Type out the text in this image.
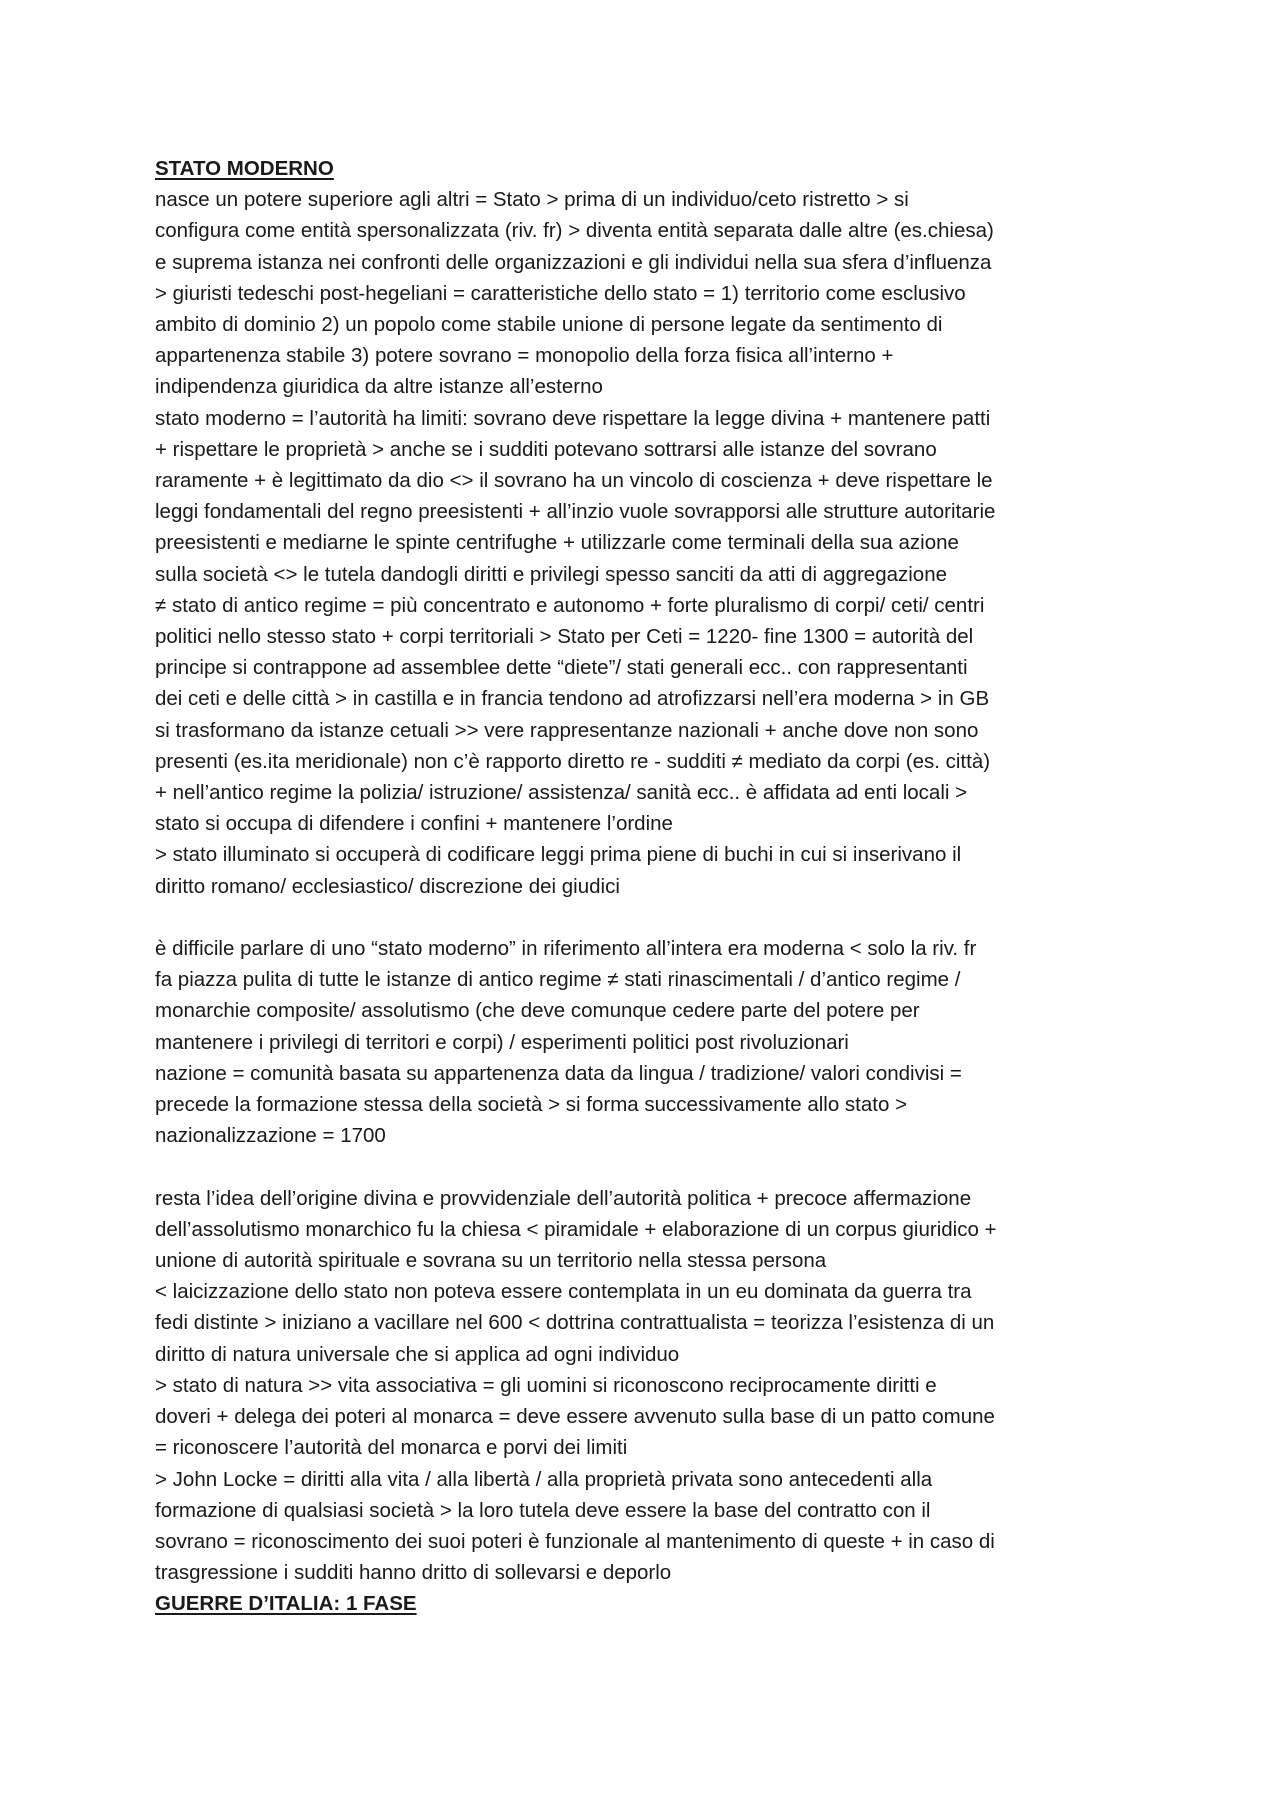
STATO MODERNO

nasce un potere superiore agli altri = Stato > prima di un individuo/ceto ristretto > si

configura come entità spersonalizzata (riv. fr) > diventa entità separata dalle altre (es.chiesa)

e suprema istanza nei confronti delle organizzazioni e gli individui nella sua sfera d’influenza

> giuristi tedeschi post-hegeliani = caratteristiche dello stato = 1) territorio come esclusivo

ambito di dominio 2) un popolo come stabile unione di persone legate da sentimento di

appartenenza stabile 3) potere sovrano = monopolio della forza fisica all’interno +

indipendenza giuridica da altre istanze all’esterno

stato moderno = l’autorità ha limiti: sovrano deve rispettare la legge divina + mantenere patti

+ rispettare le proprietà > anche se i sudditi potevano sottrarsi alle istanze del sovrano

raramente + è legittimato da dio <> il sovrano ha un vincolo di coscienza + deve rispettare le

leggi fondamentali del regno preesistenti + all’inzio vuole sovrapporsi alle strutture autoritarie

preesistenti e mediarne le spinte centrifughe + utilizzarle come terminali della sua azione

sulla società <> le tutela dandogli diritti e privilegi spesso sanciti da atti di aggregazione

≠ stato di antico regime = più concentrato e autonomo + forte pluralismo di corpi/ ceti/ centri

politici nello stesso stato + corpi territoriali > Stato per Ceti = 1220- fine 1300 = autorità del

principe si contrappone ad assemblee dette “diete”/ stati generali ecc.. con rappresentanti

dei ceti e delle città > in castilla e in francia tendono ad atrofizzarsi nell’era moderna > in GB

si trasformano da istanze cetuali >> vere rappresentanze nazionali + anche dove non sono

presenti (es.ita meridionale) non c’è rapporto diretto re - sudditi ≠ mediato da corpi (es. città)

+ nell’antico regime la polizia/ istruzione/ assistenza/ sanità ecc.. è affidata ad enti locali >

stato si occupa di difendere i confini + mantenere l’ordine

> stato illuminato si occuperà di codificare leggi prima piene di buchi in cui si inserivano il

diritto romano/ ecclesiastico/ discrezione dei giudici

è difficile parlare di uno “stato moderno” in riferimento all’intera era moderna < solo la riv. fr

fa piazza pulita di tutte le istanze di antico regime ≠ stati rinascimentali / d’antico regime /

monarchie composite/ assolutismo (che deve comunque cedere parte del potere per

mantenere i privilegi di territori e corpi) / esperimenti politici post rivoluzionari

nazione = comunità basata su appartenenza data da lingua / tradizione/ valori condivisi =

precede la formazione stessa della società > si forma successivamente allo stato >

nazionalizzazione = 1700

resta l’idea dell’origine divina e provvidenziale dell’autorità politica + precoce affermazione

dell’assolutismo monarchico fu la chiesa < piramidale + elaborazione di un corpus giuridico +

unione di autorità spirituale e sovrana su un territorio nella stessa persona

< laicizzazione dello stato non poteva essere contemplata in un eu dominata da guerra tra

fedi distinte > iniziano a vacillare nel 600 < dottrina contrattualista = teorizza l’esistenza di un

diritto di natura universale che si applica ad ogni individuo

> stato di natura >> vita associativa = gli uomini si riconoscono reciprocamente diritti e

doveri + delega dei poteri al monarca = deve essere avvenuto sulla base di un patto comune

= riconoscere l’autorità del monarca e porvi dei limiti

> John Locke = diritti alla vita / alla libertà / alla proprietà privata sono antecedenti alla

formazione di qualsiasi società > la loro tutela deve essere la base del contratto con il

sovrano = riconoscimento dei suoi poteri è funzionale al mantenimento di queste + in caso di

trasgressione i sudditi hanno dritto di sollevarsi e deporlo

GUERRE D’ITALIA: 1 FASE
